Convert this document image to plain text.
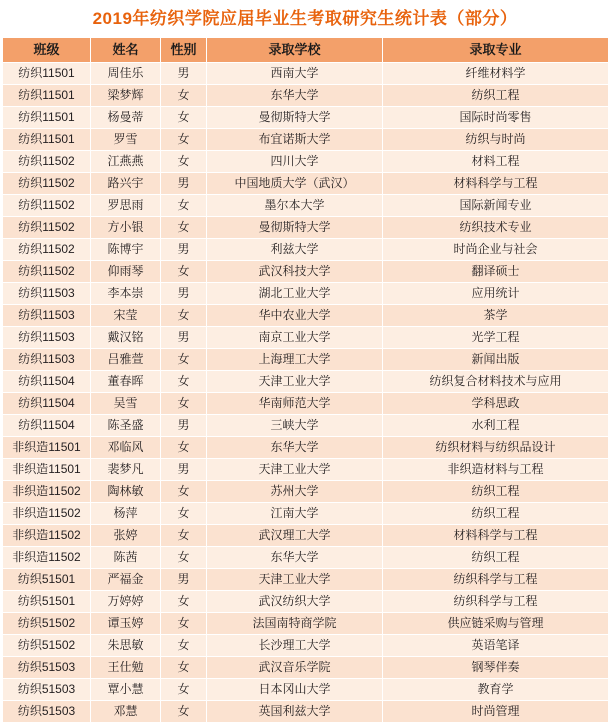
2019年纺织学院应届毕业生考取研究生统计表（部分）
班级	姓名	性别	录取学校	录取专业
纺织11501	周佳乐	男	西南大学	纤维材料学
纺织11501	梁梦辉	女	东华大学	纺织工程
纺织11501	杨曼蒂	女	曼彻斯特大学	国际时尚零售
纺织11501	罗雪	女	布宜诺斯大学	纺织与时尚
纺织11502	江燕燕	女	四川大学	材料工程
纺织11502	路兴宇	男	中国地质大学（武汉）	材料科学与工程
纺织11502	罗思雨	女	墨尔本大学	国际新闻专业
纺织11502	方小银	女	曼彻斯特大学	纺织技术专业
纺织11502	陈博宇	男	利兹大学	时尚企业与社会
纺织11502	仰雨琴	女	武汉科技大学	翻译硕士
纺织11503	李本崇	男	湖北工业大学	应用统计
纺织11503	宋莹	女	华中农业大学	茶学
纺织11503	戴汉铭	男	南京工业大学	光学工程
纺织11503	吕雅萱	女	上海理工大学	新闻出版
纺织11504	董春晖	女	天津工业大学	纺织复合材料技术与应用
纺织11504	吴雪	女	华南师范大学	学科思政
纺织11504	陈圣盛	男	三峡大学	水利工程
非织造11501	邓临风	女	东华大学	纺织材料与纺织品设计
非织造11501	裴梦凡	男	天津工业大学	非织造材料与工程
非织造11502	陶林敏	女	苏州大学	纺织工程
非织造11502	杨萍	女	江南大学	纺织工程
非织造11502	张婷	女	武汉理工大学	材料科学与工程
非织造11502	陈茜	女	东华大学	纺织工程
纺织51501	严福金	男	天津工业大学	纺织科学与工程
纺织51501	万婷婷	女	武汉纺织大学	纺织科学与工程
纺织51502	谭玉婷	女	法国南特商学院	供应链采购与管理
纺织51502	朱思敏	女	长沙理工大学	英语笔译
纺织51503	王仕勉	女	武汉音乐学院	钢琴伴奏
纺织51503	覃小慧	女	日本冈山大学	教育学
纺织51503	邓慧	女	英国利兹大学	时尚管理
